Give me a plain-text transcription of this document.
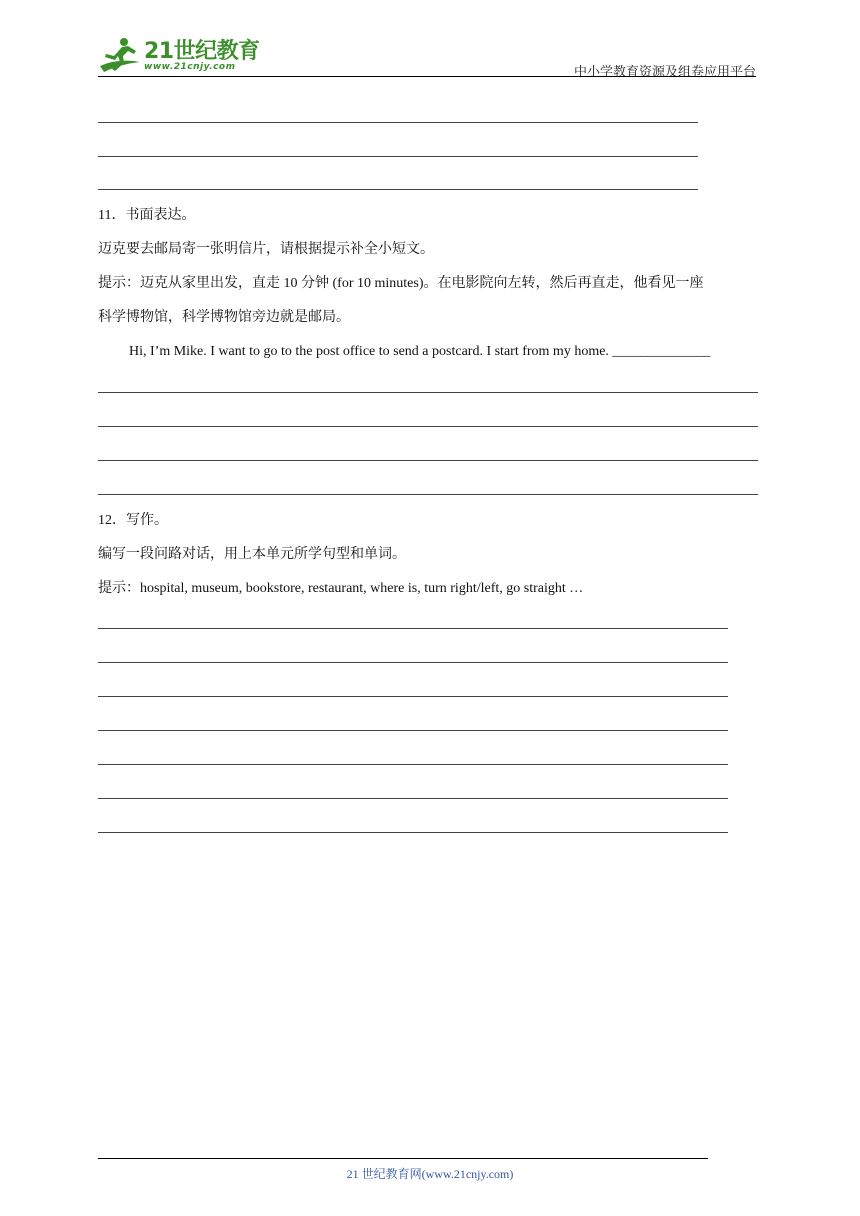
21世纪教育
www.21cnjy.com	中小学教育资源及组卷应用平台
11．书面表达。
迈克要去邮局寄一张明信片，请根据提示补全小短文。
提示：迈克从家里出发，直走 10 分钟 (for 10 minutes)。在电影院向左转，然后再直走，他看见一座
科学博物馆，科学博物馆旁边就是邮局。
Hi, I’m Mike. I want to go to the post office to send a postcard. I start from my home. ______________
12．写作。
编写一段问路对话，用上本单元所学句型和单词。
提示：hospital, museum, bookstore, restaurant, where is, turn right/left, go straight …
21 世纪教育网(www.21cnjy.com)
